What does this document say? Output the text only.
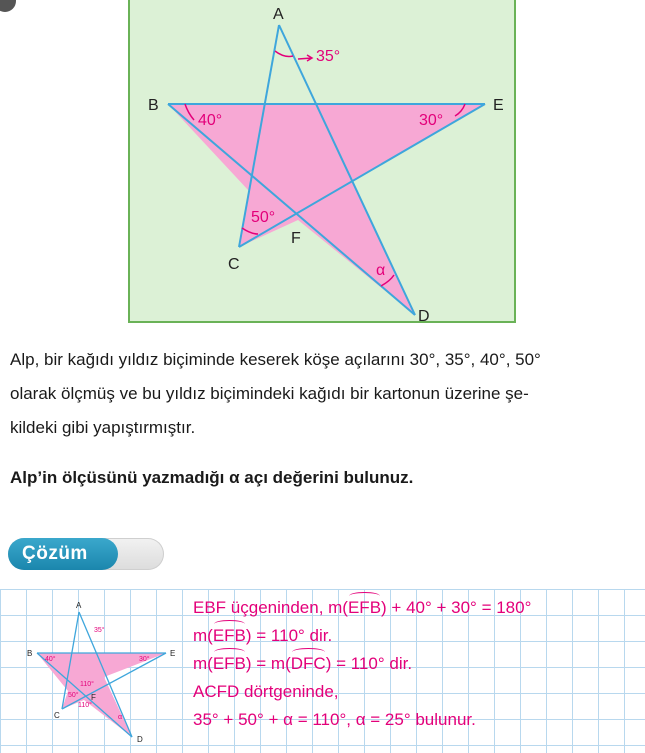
A
B	E
C
F
D
35°
40°	30°
50°
α
Alp, bir kağıdı yıldız biçiminde keserek köşe açılarını 30°, 35°, 40°, 50°
olarak ölçmüş ve bu yıldız biçimindeki kağıdı bir kartonun üzerine şe-
kildeki gibi yapıştırmıştır.
Alp’in ölçüsünü yazmadığı α açı değerini bulunuz.
Çözüm
A
B	E
C
F
D
35°
40°	30°
110°
50°
110°
α
EBF üçgeninden, m(EFB) + 40° + 30° = 180°
m(EFB) = 110° dir.
m(EFB) = m(DFC) = 110° dir.
ACFD dörtgeninde,
35° + 50° + α = 110°, α = 25° bulunur.
